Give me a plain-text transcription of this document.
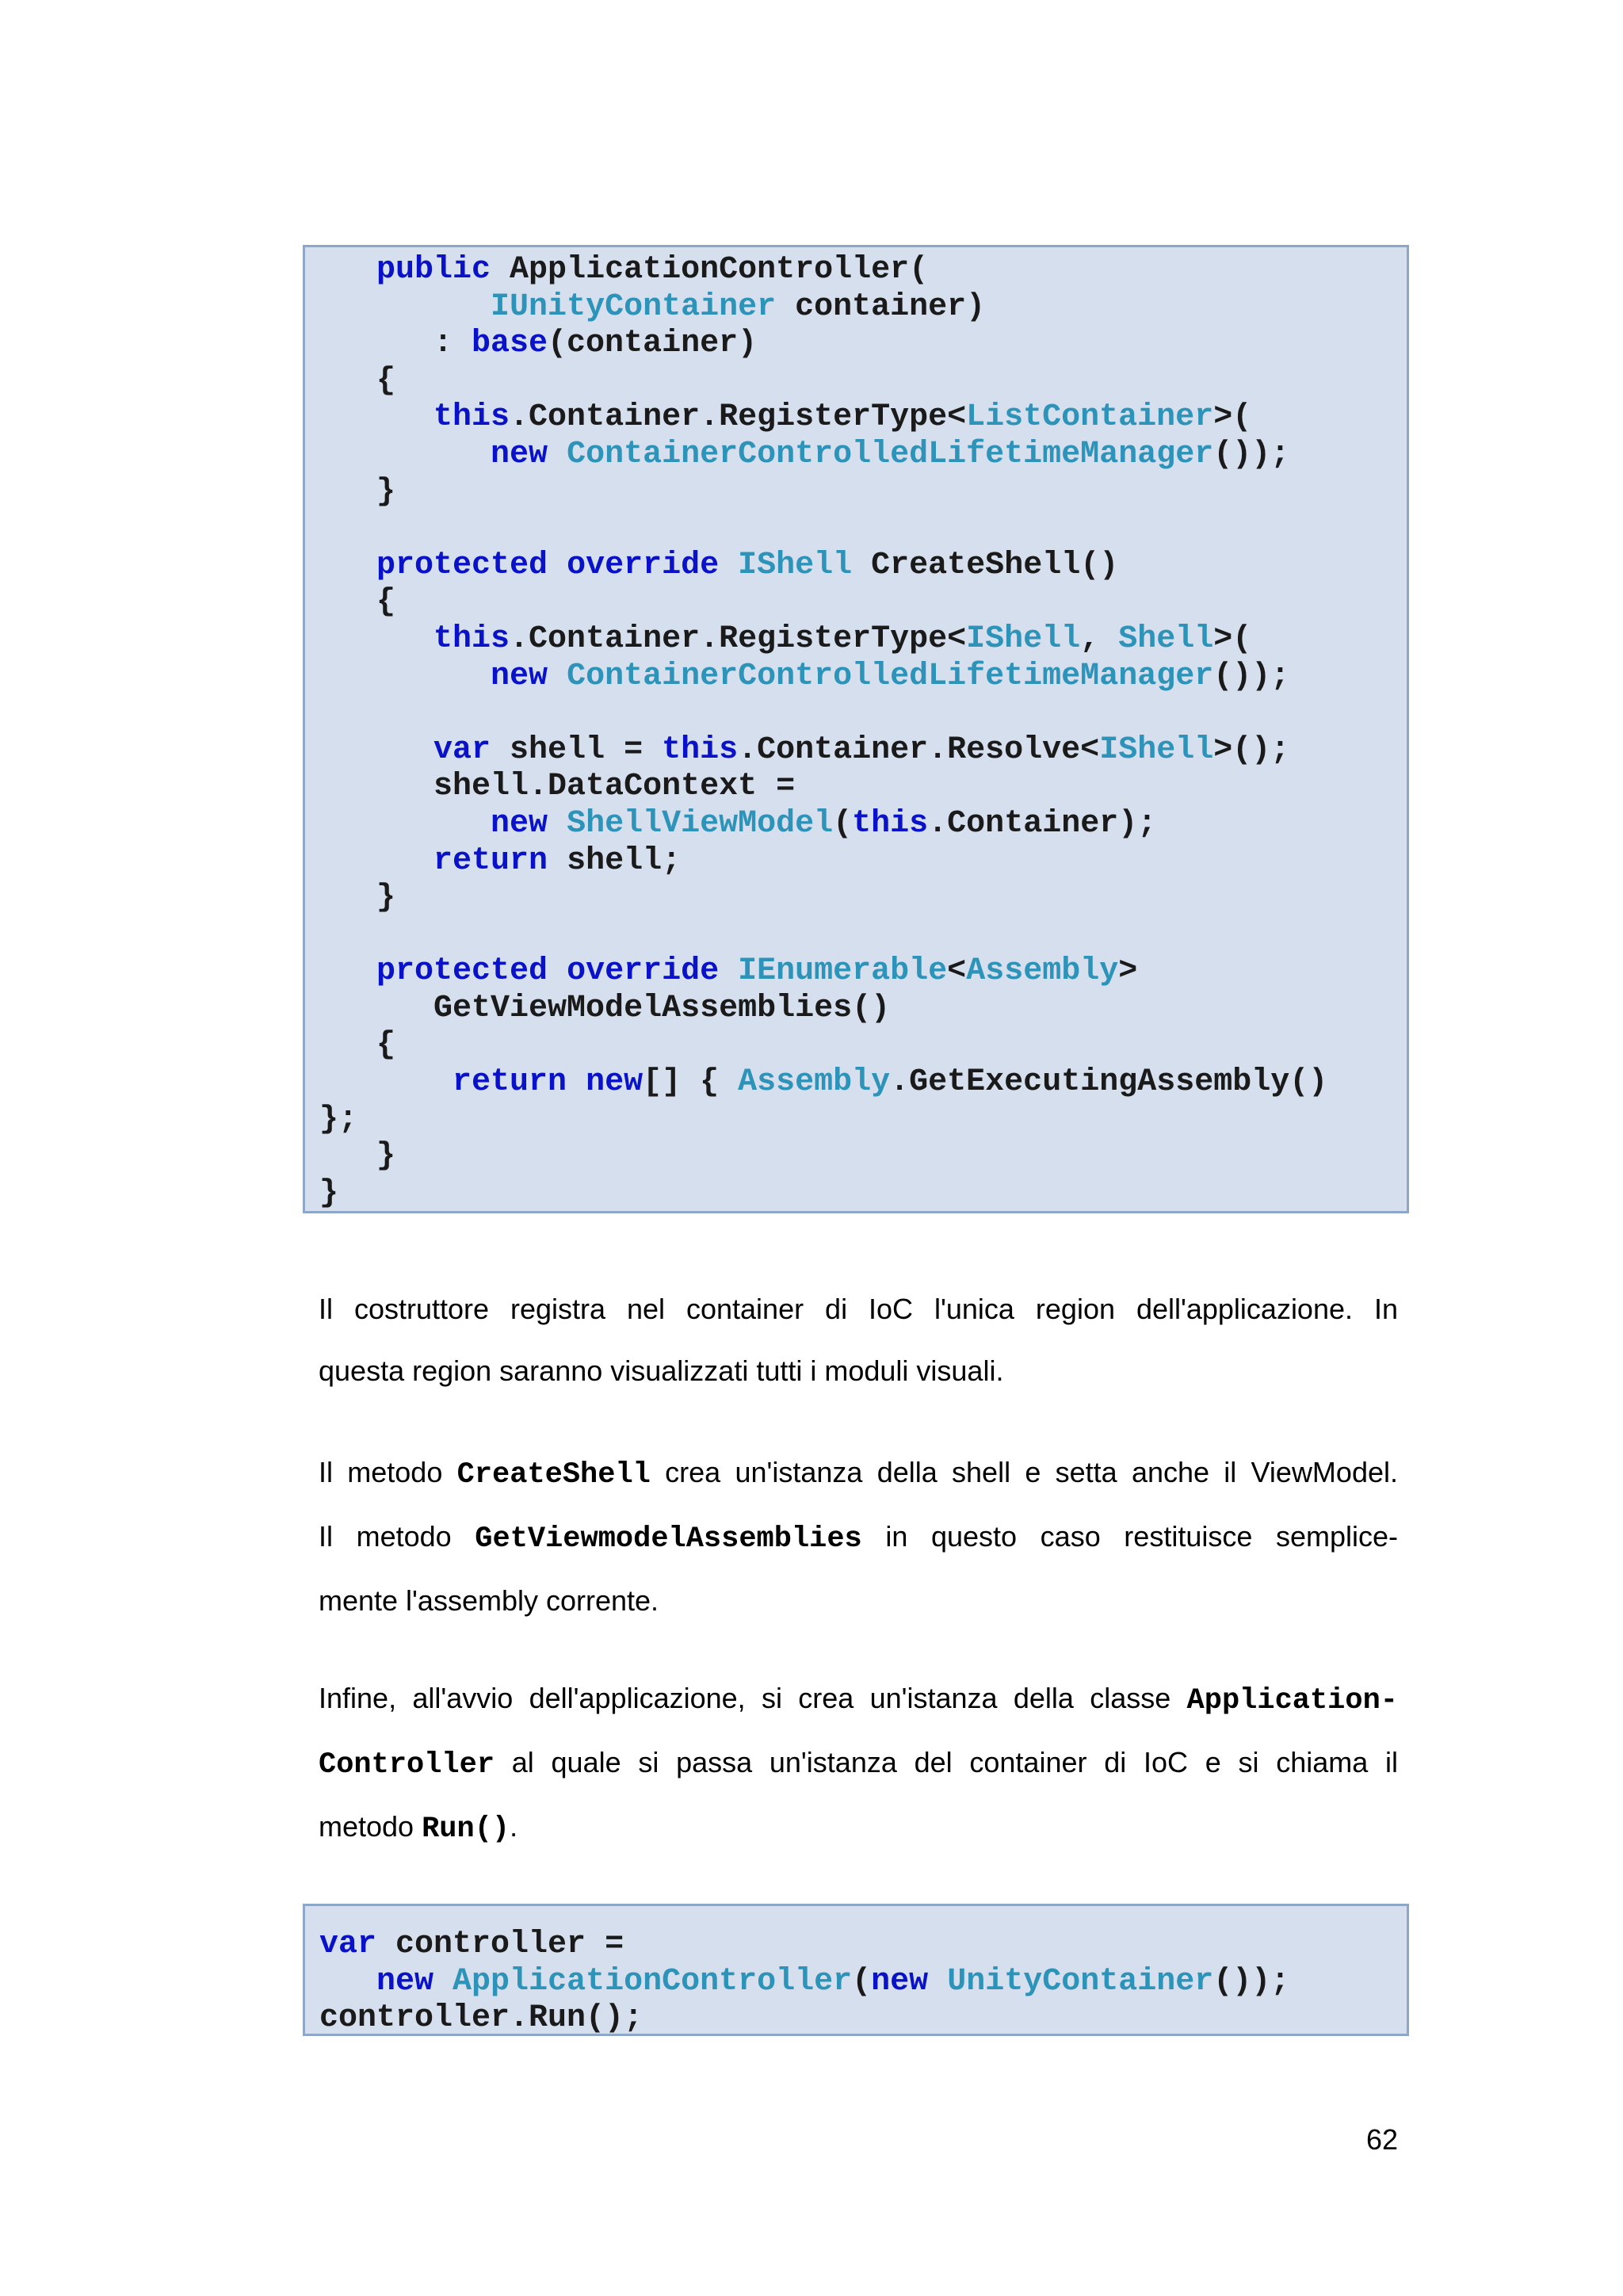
public ApplicationController(
IUnityContainer container)
: base(container)
{
this.Container.RegisterType<ListContainer>(
new ContainerControlledLifetimeManager());
}
protected override IShell CreateShell()
{
this.Container.RegisterType<IShell, Shell>(
new ContainerControlledLifetimeManager());
var shell = this.Container.Resolve<IShell>();
shell.DataContext =
new ShellViewModel(this.Container);
return shell;
}
protected override IEnumerable<Assembly>
GetViewModelAssemblies()
{
return new[] { Assembly.GetExecutingAssembly()
};
}
}

Il costruttore registra nel container di IoC l'unica region dell'applicazione. In
questa region saranno visualizzati tutti i moduli visuali.

Il metodo CreateShell crea un'istanza della shell e setta anche il ViewModel.
Il metodo GetViewmodelAssemblies in questo caso restituisce semplice-
mente l'assembly corrente.

Infine, all'avvio dell'applicazione, si crea un'istanza della classe Application-
Controller al quale si passa un'istanza del container di IoC e si chiama il
metodo Run().

var controller =
new ApplicationController(new UnityContainer());
controller.Run();
62
